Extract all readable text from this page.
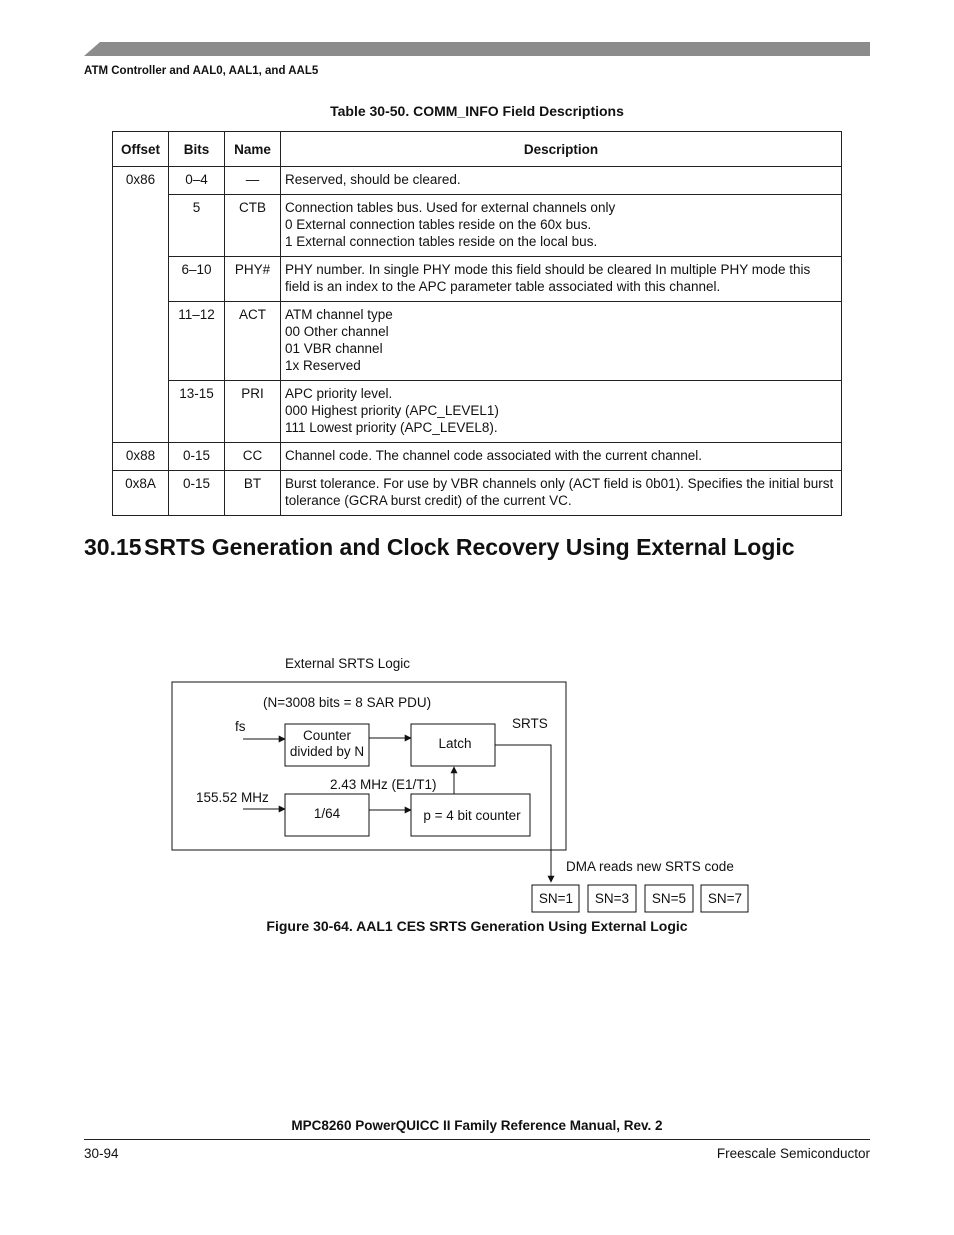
ATM Controller and AAL0, AAL1, and AAL5
Table 30-50. COMM_INFO Field Descriptions
Offset	Bits	Name	Description
0x86	0–4	—	Reserved, should be cleared.

	5	CTB	Connection tables bus. Used for external channels only
0 External connection tables reside on the 60x bus.
1 External connection tables reside on the local bus.

	6–10	PHY#	PHY number. In single PHY mode this field should be cleared In multiple PHY mode this field is an index to the APC parameter table associated with this channel.

	11–12	ACT	ATM channel type
00 Other channel
01 VBR channel
1x Reserved

	13-15	PRI	APC priority level.
000 Highest priority (APC_LEVEL1)
111 Lowest priority (APC_LEVEL8).

0x88	0-15	CC	Channel code. The channel code associated with the current channel.

0x8A	0-15	BT	Burst tolerance. For use by VBR channels only (ACT field is 0b01). Specifies the initial burst tolerance (GCRA burst credit) of the current VC.
30.15 SRTS Generation and Clock Recovery Using External Logic
External SRTS Logic
(N=3008 bits = 8 SAR PDU)
fs
Counter
divided by N
Latch
SRTS
155.52 MHz
1/64
2.43 MHz (E1/T1)
p = 4 bit counter
DMA reads new SRTS code
SN=1 SN=3 SN=5 SN=7
Figure 30-64. AAL1 CES SRTS Generation Using External Logic
MPC8260 PowerQUICC II Family Reference Manual, Rev. 2
30-94	Freescale Semiconductor
